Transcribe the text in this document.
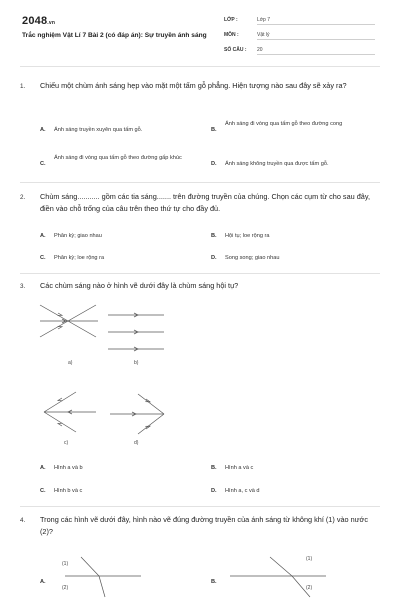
2048.vn
Trắc nghiệm Vật Lí 7 Bài 2 (có đáp án): Sự truyền ánh sáng
LỚP :	Lớp 7
MÔN :	Vật lý
SỐ CÂU : 20
1. Chiếu một chùm ánh sáng hẹp vào mặt một tấm gỗ phẳng. Hiện tượng nào sau đây sẽ xảy ra?
A. Ánh sáng truyền xuyên qua tấm gỗ.	B.
Ánh sáng đi vòng qua tấm gỗ theo đường cong
C.
Ánh sáng đi vòng qua tấm gỗ theo đường gấp khúc
D. Ánh sáng không truyền qua được tấm gỗ.
2. Chùm sáng........... gồm các tia sáng....... trên đường truyền của chúng. Chọn các cụm từ cho sau đây, điền vào chỗ trống của câu trên theo thứ tự cho đầy đủ.
A. Phân kỳ; giao nhau	B. Hội tụ; loe rộng ra
C. Phân kỳ; loe rộng ra	D. Song song; giao nhau
3. Các chùm sáng nào ở hình vẽ dưới đây là chùm sáng hội tụ?
a)	b)
c)	d)
A. Hình a và b	B. Hình a và c
C. Hình b và c	D. Hình a, c và d
4. Trong các hình vẽ dưới đây, hình nào vẽ đúng đường truyền của ánh sáng từ không khí (1) vào nước (2)?
A.
(1)
(2)
B.
(1)
(2)
